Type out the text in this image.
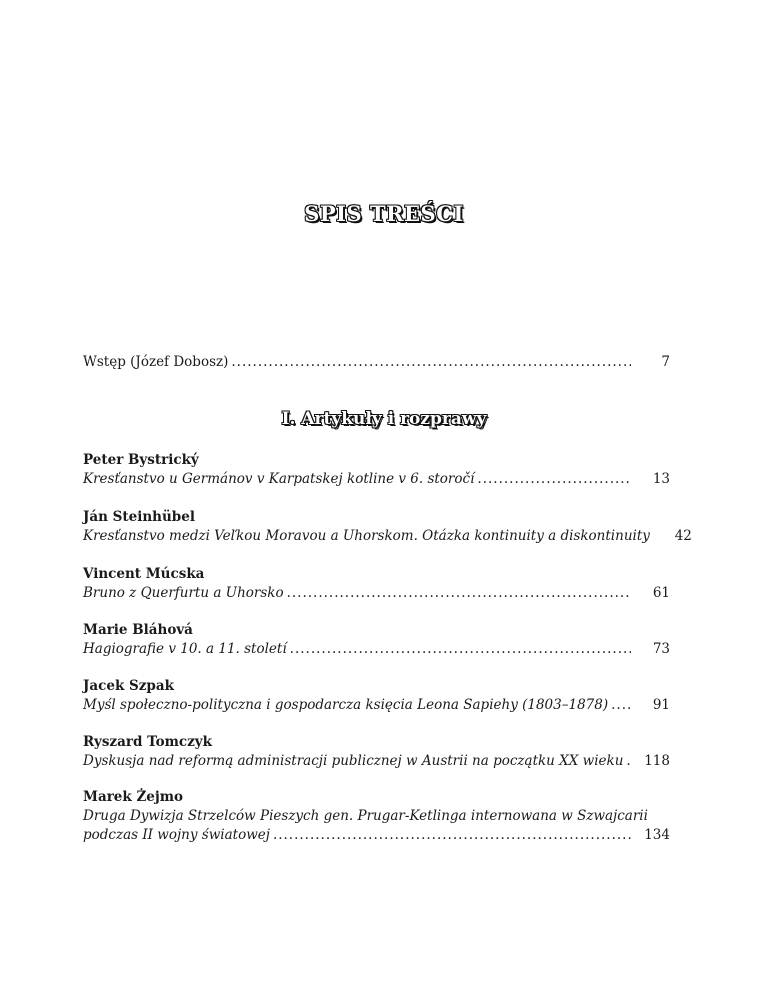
SPIS TREŚCI
Wstęp (Józef Dobosz) .....	7
I. Artykuły i rozprawy
Peter Bystrický
Kresťanstvo u Germánov v Karpatskej kotline v 6. storočí .....	13
Ján Steinhübel
Kresťanstvo medzi Veľkou Moravou a Uhorskom. Otázka kontinuity a diskontinuity	42
Vincent Múcska
Bruno z Querfurtu a Uhorsko .....	61
Marie Bláhová
Hagiografie v 10. a 11. století .....	73
Jacek Szpak
Myśl społeczno-polityczna i gospodarcza księcia Leona Sapiehy (1803–1878) .....	91
Ryszard Tomczyk
Dyskusja nad reformą administracji publicznej w Austrii na początku XX wieku .....	118
Marek Żejmo
Druga Dywizja Strzelców Pieszych gen. Prugar-Ketlinga internowana w Szwajcarii
podczas II wojny światowej .....	134
